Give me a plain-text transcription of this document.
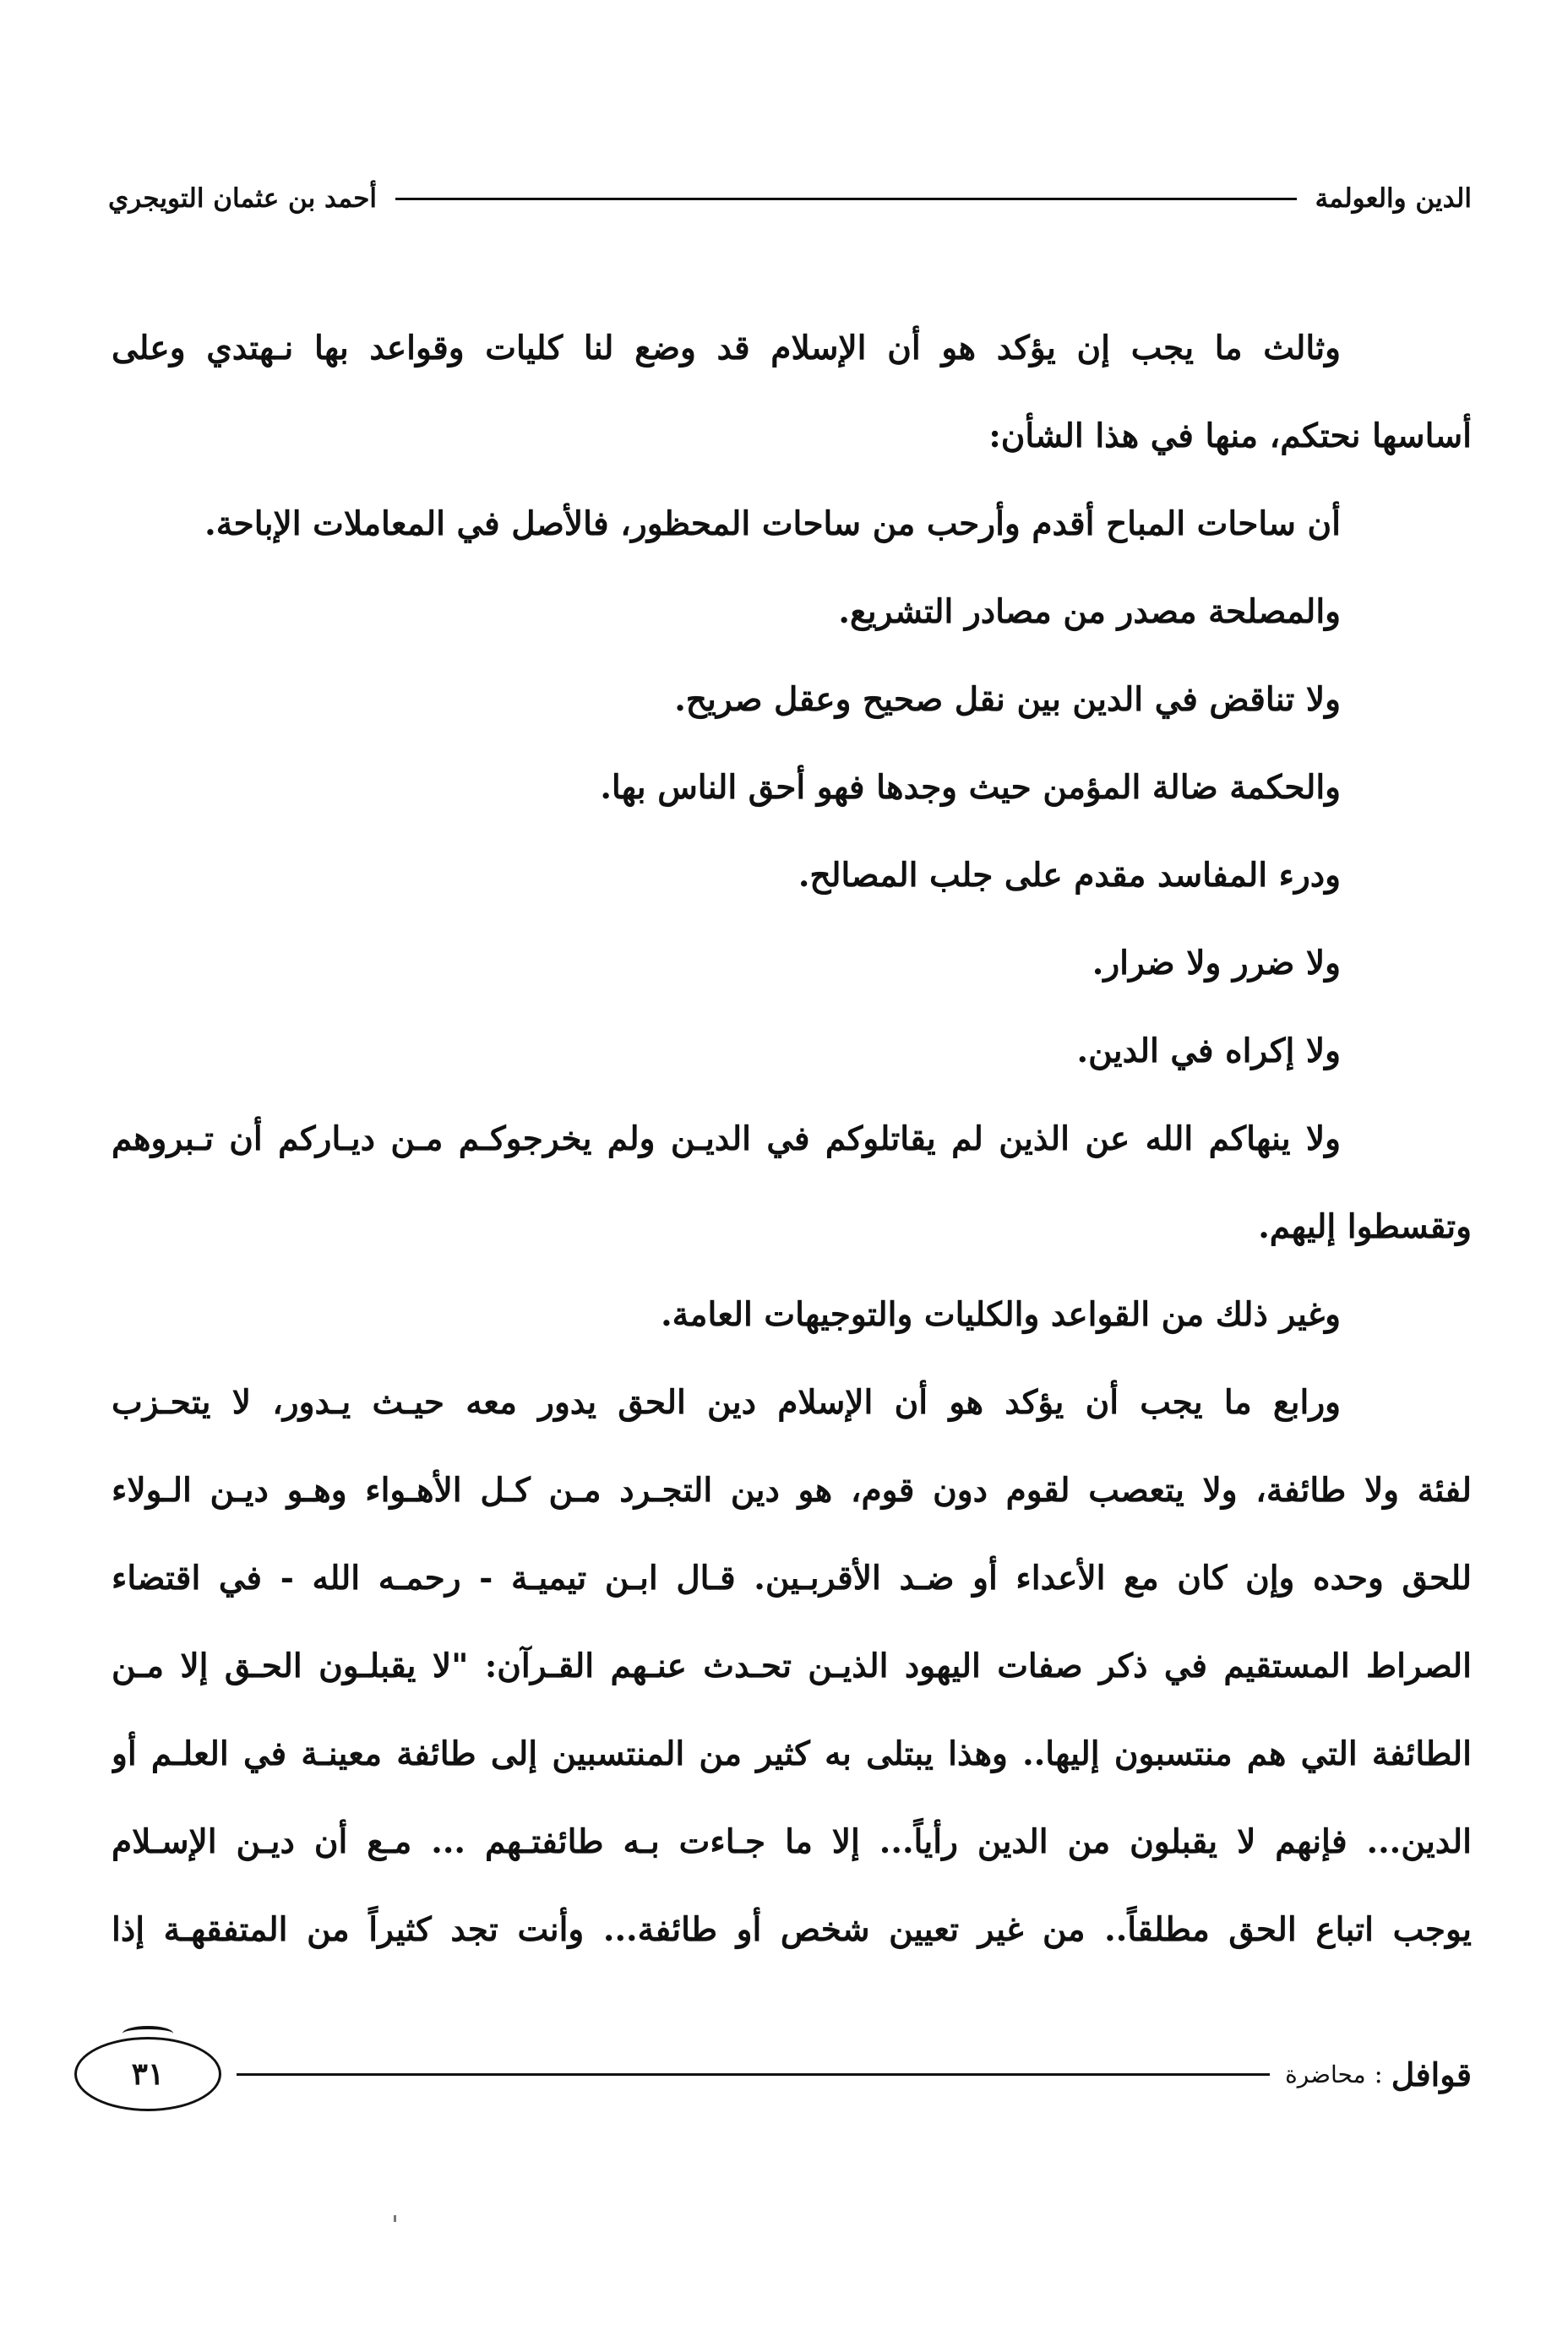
الدين والعولمة
أحمد بن عثمان التويجري
وثالث ما يجب إن يؤكد هو أن الإسلام قد وضع لنا كليات وقواعد بها نـهتدي وعلى
أساسها نحتكم، منها في هذا الشأن:
أن ساحات المباح أقدم وأرحب من ساحات المحظور، فالأصل في المعاملات الإباحة.
والمصلحة مصدر من مصادر التشريع.
ولا تناقض في الدين بين نقل صحيح وعقل صريح.
والحكمة ضالة المؤمن حيث وجدها فهو أحق الناس بها.
ودرء المفاسد مقدم على جلب المصالح.
ولا ضرر ولا ضرار.
ولا إكراه في الدين.
ولا ينهاكم الله عن الذين لم يقاتلوكم في الديـن ولم يخرجوكـم مـن ديـاركم أن تـبروهم
وتقسطوا إليهم.
وغير ذلك من القواعد والكليات والتوجيهات العامة.
ورابع ما يجب أن يؤكد هو أن الإسلام دين الحق يدور معه حيـث يـدور، لا يتحـزب
لفئة ولا طائفة، ولا يتعصب لقوم دون قوم، هو دين التجـرد مـن كـل الأهـواء وهـو ديـن الـولاء
للحق وحده وإن كان مع الأعداء أو ضـد الأقربـين. قـال ابـن تيميـة - رحمـه الله - في اقتضاء
الصراط المستقيم في ذكر صفات اليهود الذيـن تحـدث عنـهم القـرآن: "لا يقبلـون الحـق إلا مـن
الطائفة التي هم منتسبون إليها.. وهذا يبتلى به كثير من المنتسبين إلى طائفة معينـة في العلـم أو
الدين... فإنهم لا يقبلون من الدين رأياً... إلا ما جـاءت بـه طائفتـهم ... مـع أن ديـن الإسـلام
يوجب اتباع الحق مطلقاً.. من غير تعيين شخص أو طائفة... وأنت تجد كثيراً من المتفقهـة إذا
قوافل
:
محاضرة
٣١
